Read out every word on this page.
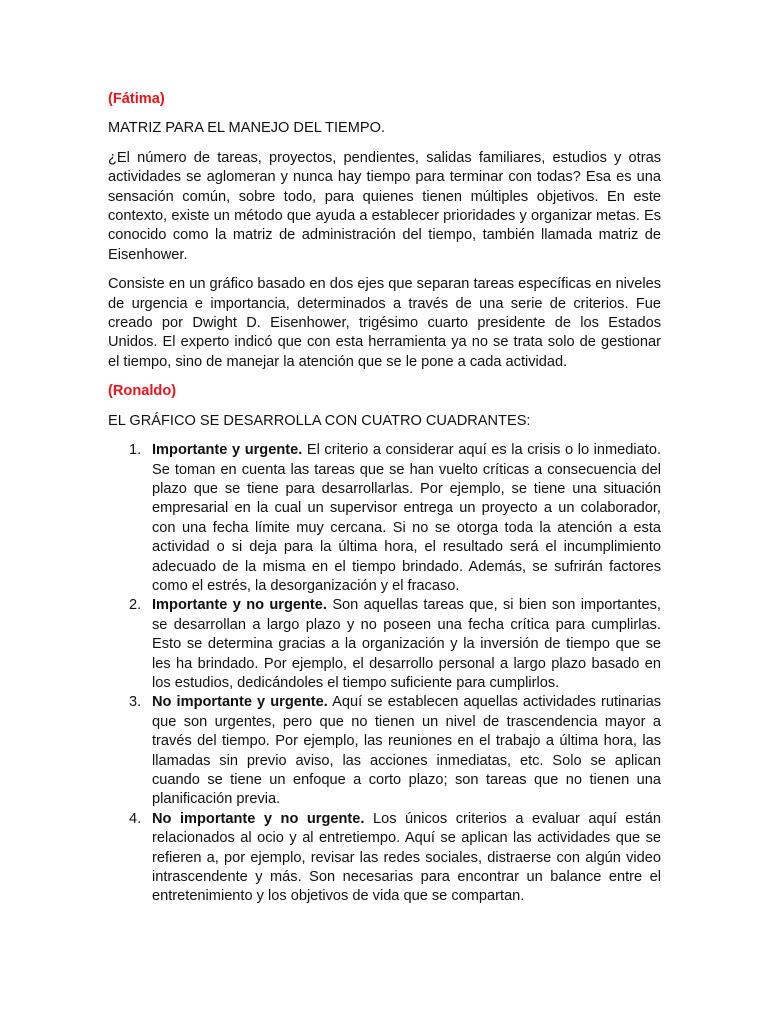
(Fátima)
MATRIZ PARA EL MANEJO DEL TIEMPO.

¿El número de tareas, proyectos, pendientes, salidas familiares, estudios y otras actividades se aglomeran y nunca hay tiempo para terminar con todas? Esa es una sensación común, sobre todo, para quienes tienen múltiples objetivos. En este contexto, existe un método que ayuda a establecer prioridades y organizar metas. Es conocido como la matriz de administración del tiempo, también llamada matriz de Eisenhower.

Consiste en un gráfico basado en dos ejes que separan tareas específicas en niveles de urgencia e importancia, determinados a través de una serie de criterios. Fue creado por Dwight D. Eisenhower, trigésimo cuarto presidente de los Estados Unidos. El experto indicó que con esta herramienta ya no se trata solo de gestionar el tiempo, sino de manejar la atención que se le pone a cada actividad.

(Ronaldo)
EL GRÁFICO SE DESARROLLA CON CUATRO CUADRANTES:
1. Importante y urgente. El criterio a considerar aquí es la crisis o lo inmediato. Se toman en cuenta las tareas que se han vuelto críticas a consecuencia del plazo que se tiene para desarrollarlas. Por ejemplo, se tiene una situación empresarial en la cual un supervisor entrega un proyecto a un colaborador, con una fecha límite muy cercana. Si no se otorga toda la atención a esta actividad o si deja para la última hora, el resultado será el incumplimiento adecuado de la misma en el tiempo brindado. Además, se sufrirán factores como el estrés, la desorganización y el fracaso.
2. Importante y no urgente. Son aquellas tareas que, si bien son importantes, se desarrollan a largo plazo y no poseen una fecha crítica para cumplirlas. Esto se determina gracias a la organización y la inversión de tiempo que se les ha brindado. Por ejemplo, el desarrollo personal a largo plazo basado en los estudios, dedicándoles el tiempo suficiente para cumplirlos.
3. No importante y urgente. Aquí se establecen aquellas actividades rutinarias que son urgentes, pero que no tienen un nivel de trascendencia mayor a través del tiempo. Por ejemplo, las reuniones en el trabajo a última hora, las llamadas sin previo aviso, las acciones inmediatas, etc. Solo se aplican cuando se tiene un enfoque a corto plazo; son tareas que no tienen una planificación previa.
4. No importante y no urgente. Los únicos criterios a evaluar aquí están relacionados al ocio y al entretiempo. Aquí se aplican las actividades que se refieren a, por ejemplo, revisar las redes sociales, distraerse con algún video intrascendente y más. Son necesarias para encontrar un balance entre el entretenimiento y los objetivos de vida que se compartan.
